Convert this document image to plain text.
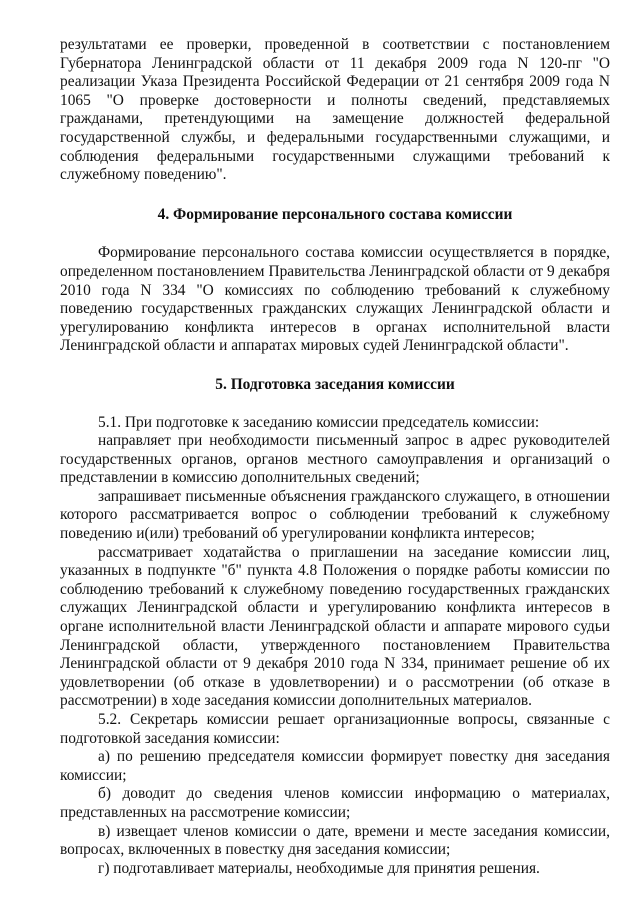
результатами ее проверки, проведенной в соответствии с постановлением Губернатора Ленинградской области от 11 декабря 2009 года N 120-пг "О реализации Указа Президента Российской Федерации от 21 сентября 2009 года N 1065 "О проверке достоверности и полноты сведений, представляемых гражданами, претендующими на замещение должностей федеральной государственной службы, и федеральными государственными служащими, и соблюдения федеральными государственными служащими требований к служебному поведению".

4. Формирование персонального состава комиссии

Формирование персонального состава комиссии осуществляется в порядке, определенном постановлением Правительства Ленинградской области от 9 декабря 2010 года N 334 "О комиссиях по соблюдению требований к служебному поведению государственных гражданских служащих Ленинградской области и урегулированию конфликта интересов в органах исполнительной власти Ленинградской области и аппаратах мировых судей Ленинградской области".

5. Подготовка заседания комиссии

5.1. При подготовке к заседанию комиссии председатель комиссии:

направляет при необходимости письменный запрос в адрес руководителей государственных органов, органов местного самоуправления и организаций о представлении в комиссию дополнительных сведений;

запрашивает письменные объяснения гражданского служащего, в отношении которого рассматривается вопрос о соблюдении требований к служебному поведению и(или) требований об урегулировании конфликта интересов;

рассматривает ходатайства о приглашении на заседание комиссии лиц, указанных в подпункте "б" пункта 4.8 Положения о порядке работы комиссии по соблюдению требований к служебному поведению государственных гражданских служащих Ленинградской области и урегулированию конфликта интересов в органе исполнительной власти Ленинградской области и аппарате мирового судьи Ленинградской области, утвержденного постановлением Правительства Ленинградской области от 9 декабря 2010 года N 334, принимает решение об их удовлетворении (об отказе в удовлетворении) и о рассмотрении (об отказе в рассмотрении) в ходе заседания комиссии дополнительных материалов.

5.2. Секретарь комиссии решает организационные вопросы, связанные с подготовкой заседания комиссии:

а) по решению председателя комиссии формирует повестку дня заседания комиссии;

б) доводит до сведения членов комиссии информацию о материалах, представленных на рассмотрение комиссии;

в) извещает членов комиссии о дате, времени и месте заседания комиссии, вопросах, включенных в повестку дня заседания комиссии;

г) подготавливает материалы, необходимые для принятия решения.
